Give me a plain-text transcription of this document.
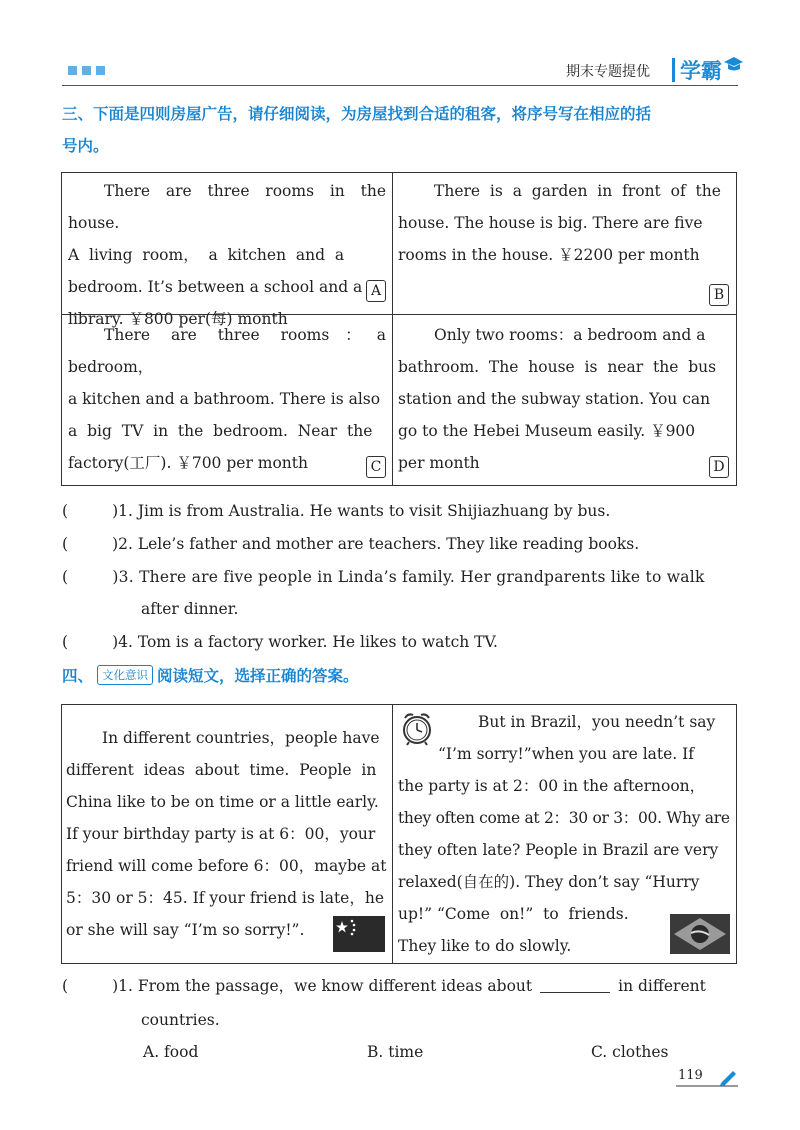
期末专题提优 学霸
三、下面是四则房屋广告，请仔细阅读，为房屋找到合适的租客，将序号写在相应的括
号内。
There are three rooms in the house.
A  living  room，  a  kitchen  and  a
bedroom. It’s between a school and a
library. ￥800 per(每) month
A
There  is  a  garden  in  front  of  the
house. The house is big. There are five
rooms in the house. ￥2200 per month
B
There are three rooms：a bedroom，
a kitchen and a bathroom. There is also
a  big  TV  in  the  bedroom.  Near  the
factory(工厂). ￥700 per month	C
Only two rooms：a bedroom and a
bathroom.  The  house  is  near  the  bus
station and the subway station. You can
go to the Hebei Museum easily. ￥900
per month	D
(	)1. Jim is from Australia. He wants to visit Shijiazhuang by bus.
(	)2. Lele’s father and mother are teachers. They like reading books.
(	)3. There are five people in Linda’s family. Her grandparents like to walk
after dinner.
(	)4. Tom is a factory worker. He likes to watch TV.
四、 文化意识 阅读短文，选择正确的答案。
In different countries，people have
different  ideas  about  time.  People  in
China like to be on time or a little early.
If your birthday party is at 6：00，your
friend will come before 6：00，maybe at
5：30 or 5：45. If your friend is late，he
or she will say “I’m so sorry!”.
But in Brazil，you needn’t say
“I’m sorry!”when you are late. If
the party is at 2：00 in the afternoon，
they often come at 2：30 or 3：00. Why are
they often late? People in Brazil are very
relaxed(自在的). They don’t say “Hurry
up!” “Come  on!”  to  friends.
They like to do slowly.
(	)1. From the passage，we know different ideas about	in different
countries.
A. food	B. time	C. clothes
119
